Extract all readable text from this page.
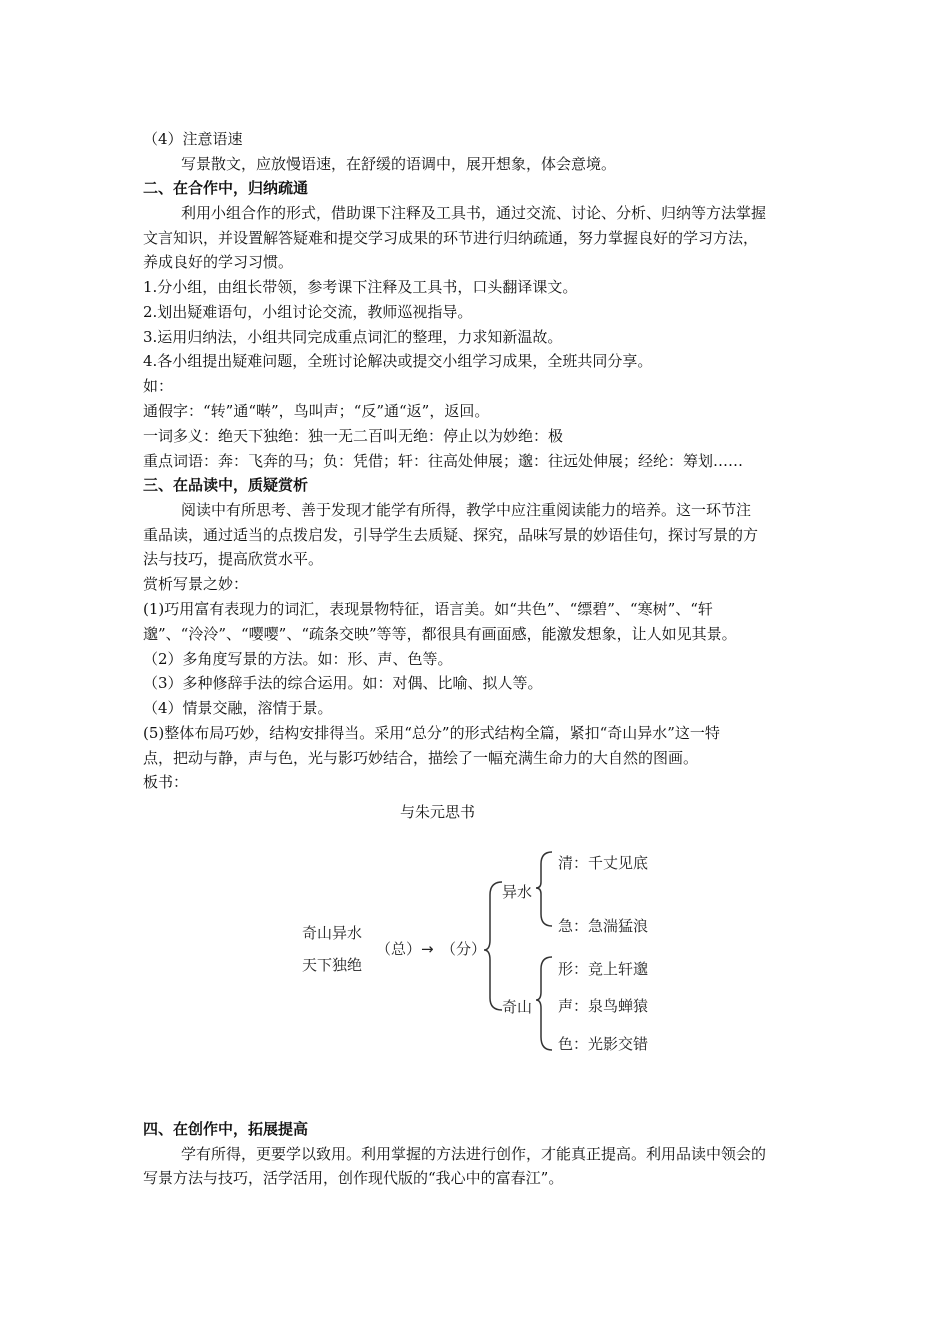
（4）注意语速
写景散文，应放慢语速，在舒缓的语调中，展开想象，体会意境。
二、在合作中，归纳疏通
利用小组合作的形式，借助课下注释及工具书，通过交流、讨论、分析、归纳等方法掌握
文言知识，并设置解答疑难和提交学习成果的环节进行归纳疏通，努力掌握良好的学习方法，
养成良好的学习习惯。
1.分小组，由组长带领，参考课下注释及工具书，口头翻译课文。
2.划出疑难语句，小组讨论交流，教师巡视指导。
3.运用归纳法，小组共同完成重点词汇的整理，力求知新温故。
4.各小组提出疑难问题，全班讨论解决或提交小组学习成果，全班共同分享。
如：
通假字：“转”通“啭”，鸟叫声；“反”通“返”，返回。
一词多义：绝天下独绝：独一无二百叫无绝：停止以为妙绝：极
重点词语：奔：飞奔的马；负：凭借；轩：往高处伸展；邈：往远处伸展；经纶：筹划……
三、在品读中，质疑赏析
阅读中有所思考、善于发现才能学有所得，教学中应注重阅读能力的培养。这一环节注
重品读，通过适当的点拨启发，引导学生去质疑、探究，品味写景的妙语佳句，探讨写景的方
法与技巧，提高欣赏水平。
赏析写景之妙：
(1)巧用富有表现力的词汇，表现景物特征，语言美。如“共色”、“缥碧”、“寒树”、“轩
邈”、“泠泠”、“嘤嘤”、“疏条交映”等等，都很具有画面感，能激发想象，让人如见其景。
（2）多角度写景的方法。如：形、声、色等。
（3）多种修辞手法的综合运用。如：对偶、比喻、拟人等。
（4）情景交融，溶情于景。
(5)整体布局巧妙，结构安排得当。采用“总分”的形式结构全篇，紧扣“奇山异水”这一特
点，把动与静，声与色，光与影巧妙结合，描绘了一幅充满生命力的大自然的图画。
板书：
与朱元思书
奇山异水
天下独绝
（总） → （分）
异水
奇山
清：千丈见底
急：急湍猛浪
形：竞上轩邈
声：泉鸟蝉猿
色：光影交错
四、在创作中，拓展提高
学有所得，更要学以致用。利用掌握的方法进行创作，才能真正提高。利用品读中领会的
写景方法与技巧，活学活用，创作现代版的“我心中的富春江”。
